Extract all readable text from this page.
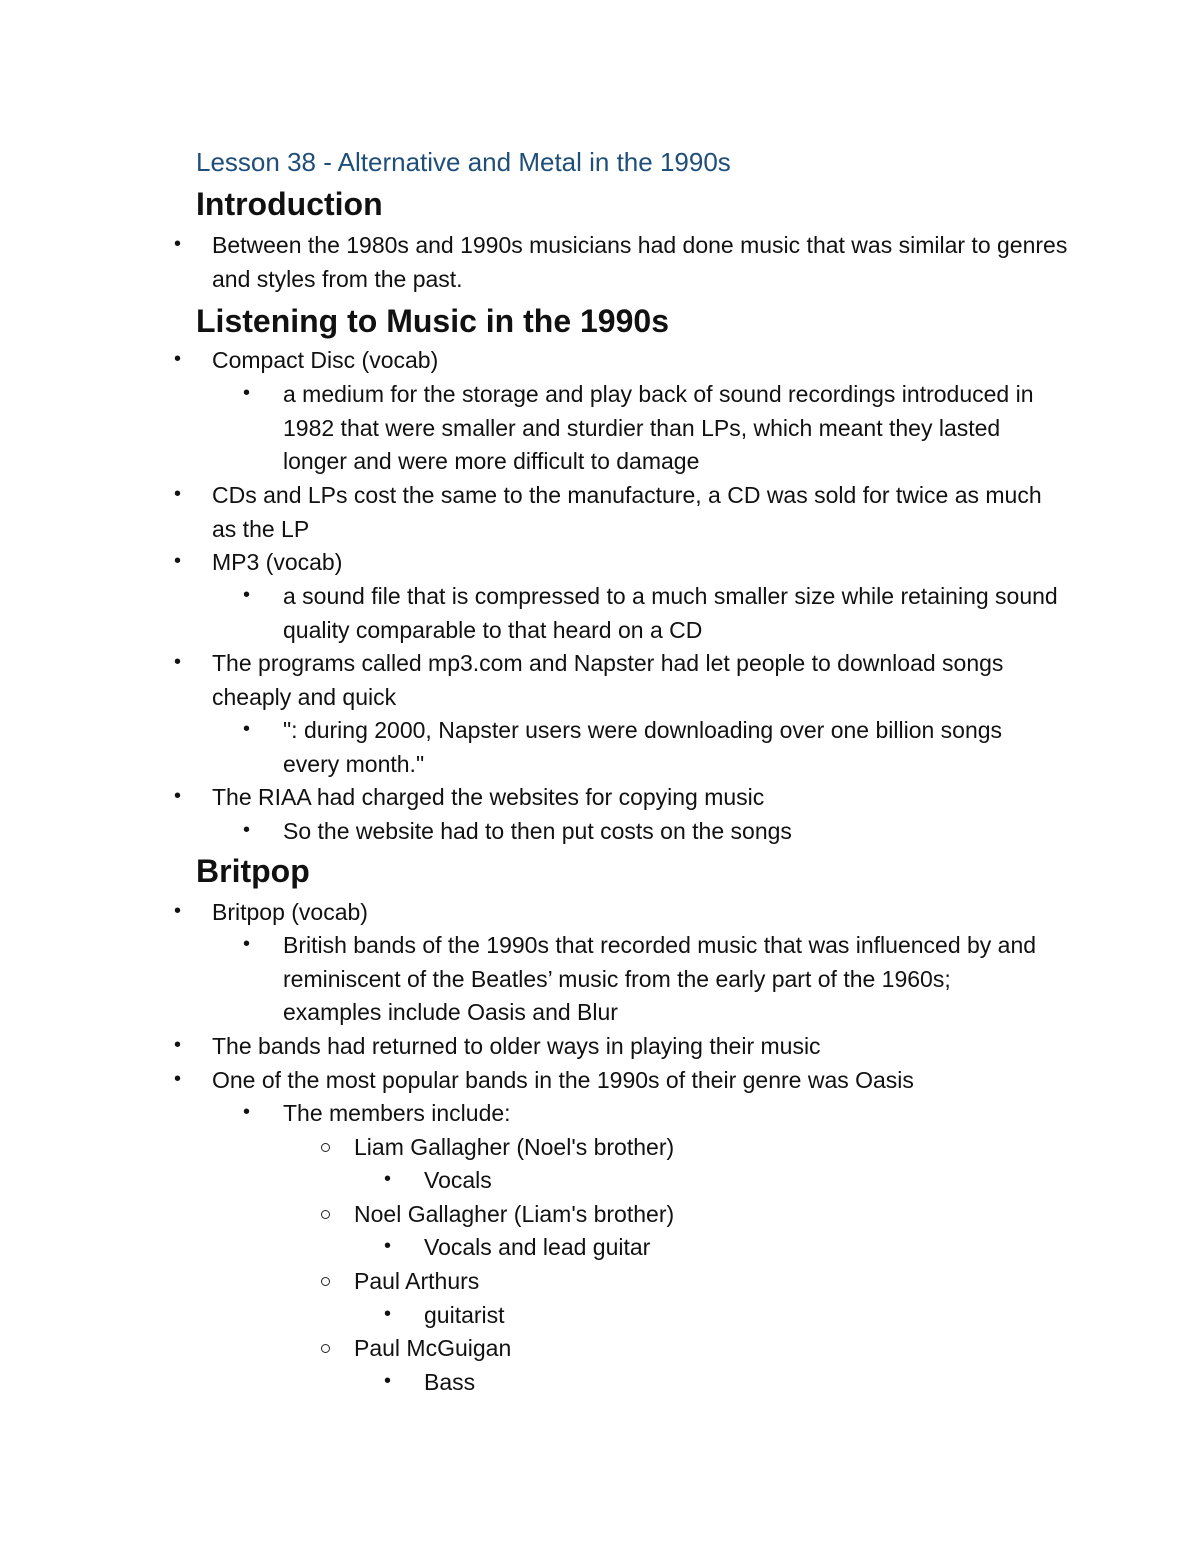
Lesson 38 - Alternative and Metal in the 1990s
Introduction
• Between the 1980s and 1990s musicians had done music that was similar to genres and styles from the past.
Listening to Music in the 1990s
• Compact Disc (vocab)
• a medium for the storage and play back of sound recordings introduced in 1982 that were smaller and sturdier than LPs, which meant they lasted longer and were more difficult to damage
• CDs and LPs cost the same to the manufacture, a CD was sold for twice as much as the LP
• MP3 (vocab)
• a sound file that is compressed to a much smaller size while retaining sound quality comparable to that heard on a CD
• The programs called mp3.com and Napster had let people to download songs cheaply and quick
• ": during 2000, Napster users were downloading over one billion songs every month."
• The RIAA had charged the websites for copying music
• So the website had to then put costs on the songs
Britpop
• Britpop (vocab)
• British bands of the 1990s that recorded music that was influenced by and reminiscent of the Beatles’ music from the early part of the 1960s; examples include Oasis and Blur
• The bands had returned to older ways in playing their music
• One of the most popular bands in the 1990s of their genre was Oasis
• The members include:
Liam Gallagher (Noel's brother)
• Vocals
Noel Gallagher (Liam's brother)
• Vocals and lead guitar
Paul Arthurs
• guitarist
Paul McGuigan
• Bass
